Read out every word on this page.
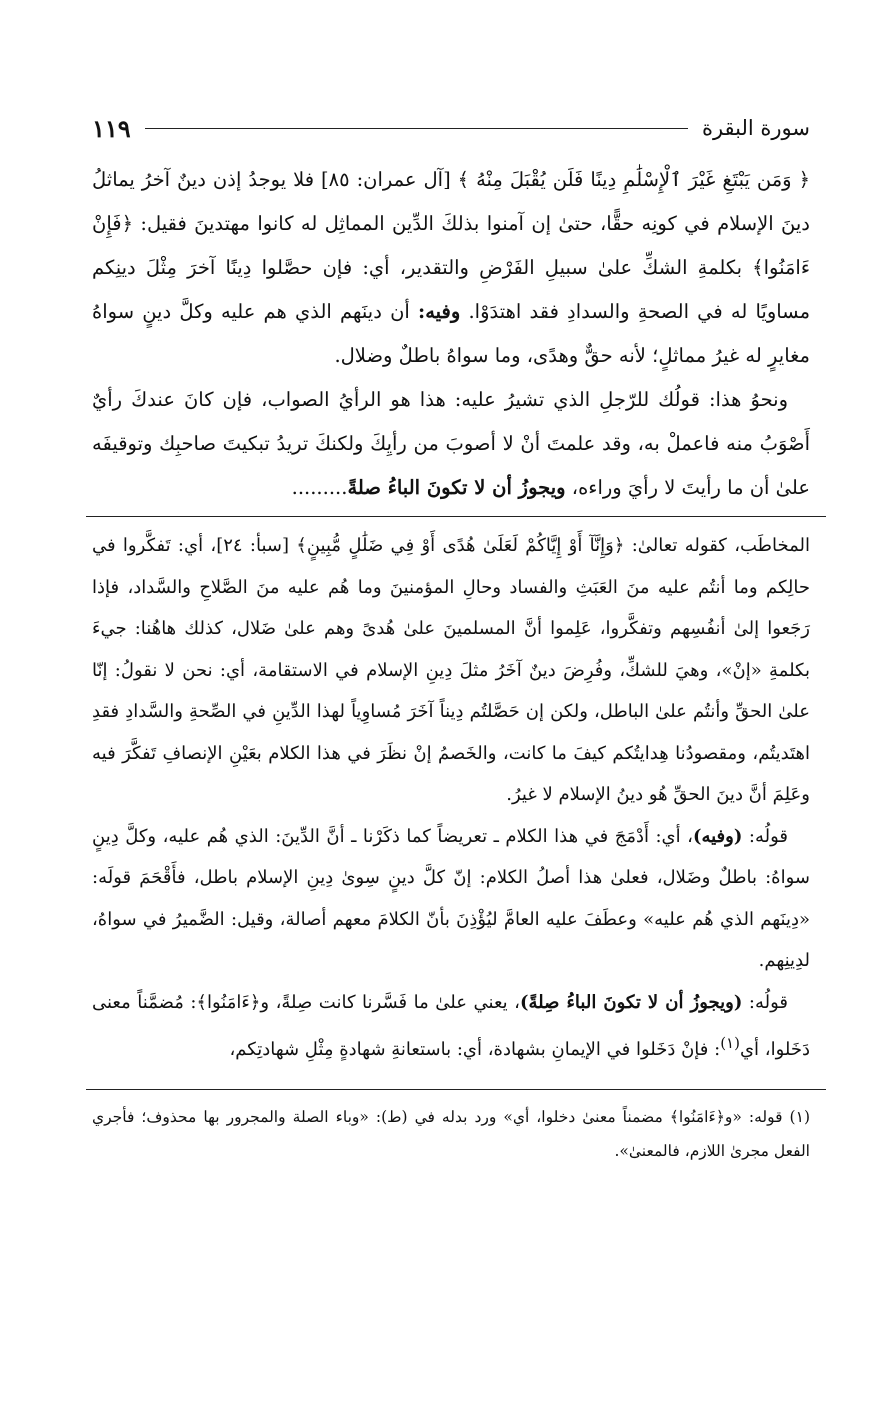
سورة البقرة
١١٩

﴿ وَمَن يَبْتَغِ غَيْرَ ٱلْإِسْلَٰمِ دِينًا فَلَن يُقْبَلَ مِنْهُ ﴾ [آل عمران: ٨٥] فلا يوجدُ إذن دينٌ آخرُ يماثلُ دينَ الإسلام في كونِه حقًّا، حتىٰ إن آمنوا بذلكَ الدِّين المماثِل له كانوا مهتدينَ فقيل: ﴿فَإِنْ ءَامَنُوا﴾ بكلمةِ الشكِّ علىٰ سبيلِ الفَرْضِ والتقدير، أي: فإن حصَّلوا دِينًا آخرَ مِثْلَ دينِكم مساويًا له في الصحةِ والسدادِ فقد اهتدَوْا. وفيه: أن دينَهم الذي هم عليه وكلَّ دينٍ سواهُ مغايرٍ له غيرُ مماثلٍ؛ لأنه حقٌّ وهدًى، وما سواهُ باطلٌ وضلال.

ونحوُ هذا: قولُك للرّجلِ الذي تشيرُ عليه: هذا هو الرأيُ الصواب، فإن كانَ عندكَ رأيٌ أَصْوَبُ منه فاعملْ به، وقد علمتَ أنْ لا أصوبَ من رأيِكَ ولكنكَ تريدُ تبكيتَ صاحبِك وتوقيفَه علىٰ أن ما رأيتَ لا رأيَ وراءه، ويجوزُ أن لا تكونَ الباءُ صلةً.........

المخاطَب، كقوله تعالىٰ: ﴿وَإِنَّآ أَوْ إِيَّاكُمْ لَعَلَىٰ هُدًى أَوْ فِي ضَلَٰلٍ مُّبِينٍ﴾ [سبأ: ٢٤]، أي: تَفكَّروا في حالِكم وما أنتُم عليه منَ العَبَثِ والفساد وحالِ المؤمنينَ وما هُم عليه منَ الصَّلاحِ والسَّداد، فإذا رَجَعوا إلىٰ أنفُسِهم وتفكَّروا، عَلِموا أنَّ المسلمينَ علىٰ هُدىً وهم علىٰ ضَلال، كذلك هاهُنا: جيءَ بكلمةِ «إنْ»، وهيَ للشكِّ، وفُرِضَ دينٌ آخَرُ مثلَ دِينِ الإسلام في الاستقامة، أي: نحن لا نقولُ: إنّا علىٰ الحقِّ وأنتُم علىٰ الباطل، ولكن إن حَصَّلتُم دِيناً آخَرَ مُساوِياً لهذا الدِّينِ في الصِّحةِ والسَّدادِ فقدِ اهتَديتُم، ومقصودُنا هِدايتُكم كيفَ ما كانت، والخَصمُ إنْ نظَرَ في هذا الكلام بعَيْنِ الإنصافِ تَفكَّرَ فيه وعَلِمَ أنَّ دينَ الحقِّ هُو دينُ الإسلام لا غيرُ.

قولُه: (وفيه)، أي: أَدْمَجَ في هذا الكلام ـ تعريضاً كما ذكَرْنا ـ أنَّ الدِّينَ: الذي هُم عليه، وكلَّ دِينٍ سواهُ: باطلٌ وضَلال، فعلىٰ هذا أصلُ الكلام: إنّ كلَّ دينٍ سِوىٰ دِينِ الإسلام باطل، فأَقْحَمَ قولَه: «دِينَهم الذي هُم عليه» وعطَفَ عليه العامَّ ليُؤْذِنَ بأنّ الكلامَ معهم أصالة، وقيل: الضَّميرُ في سواهُ، لدِينِهم.

قولُه: (ويجوزُ أن لا تكونَ الباءُ صِلةً)، يعني علىٰ ما فَسَّرنا كانت صِلةً، و﴿ءَامَنُوا﴾: مُضمَّناً معنى دَخَلوا، أي$^{(١)}$: فإنْ دَخَلوا في الإيمانِ بشهادة، أي: باستعانةِ شهادةٍ مِثْلِ شهادتِكم،

(١) قوله: «و﴿ءَامَنُوا﴾ مضمناً معنىٰ دخلوا، أي» ورد بدله في (ط): «وباء الصلة والمجرور بها محذوف؛ فأجري الفعل مجرىٰ اللازم، فالمعنىٰ».
